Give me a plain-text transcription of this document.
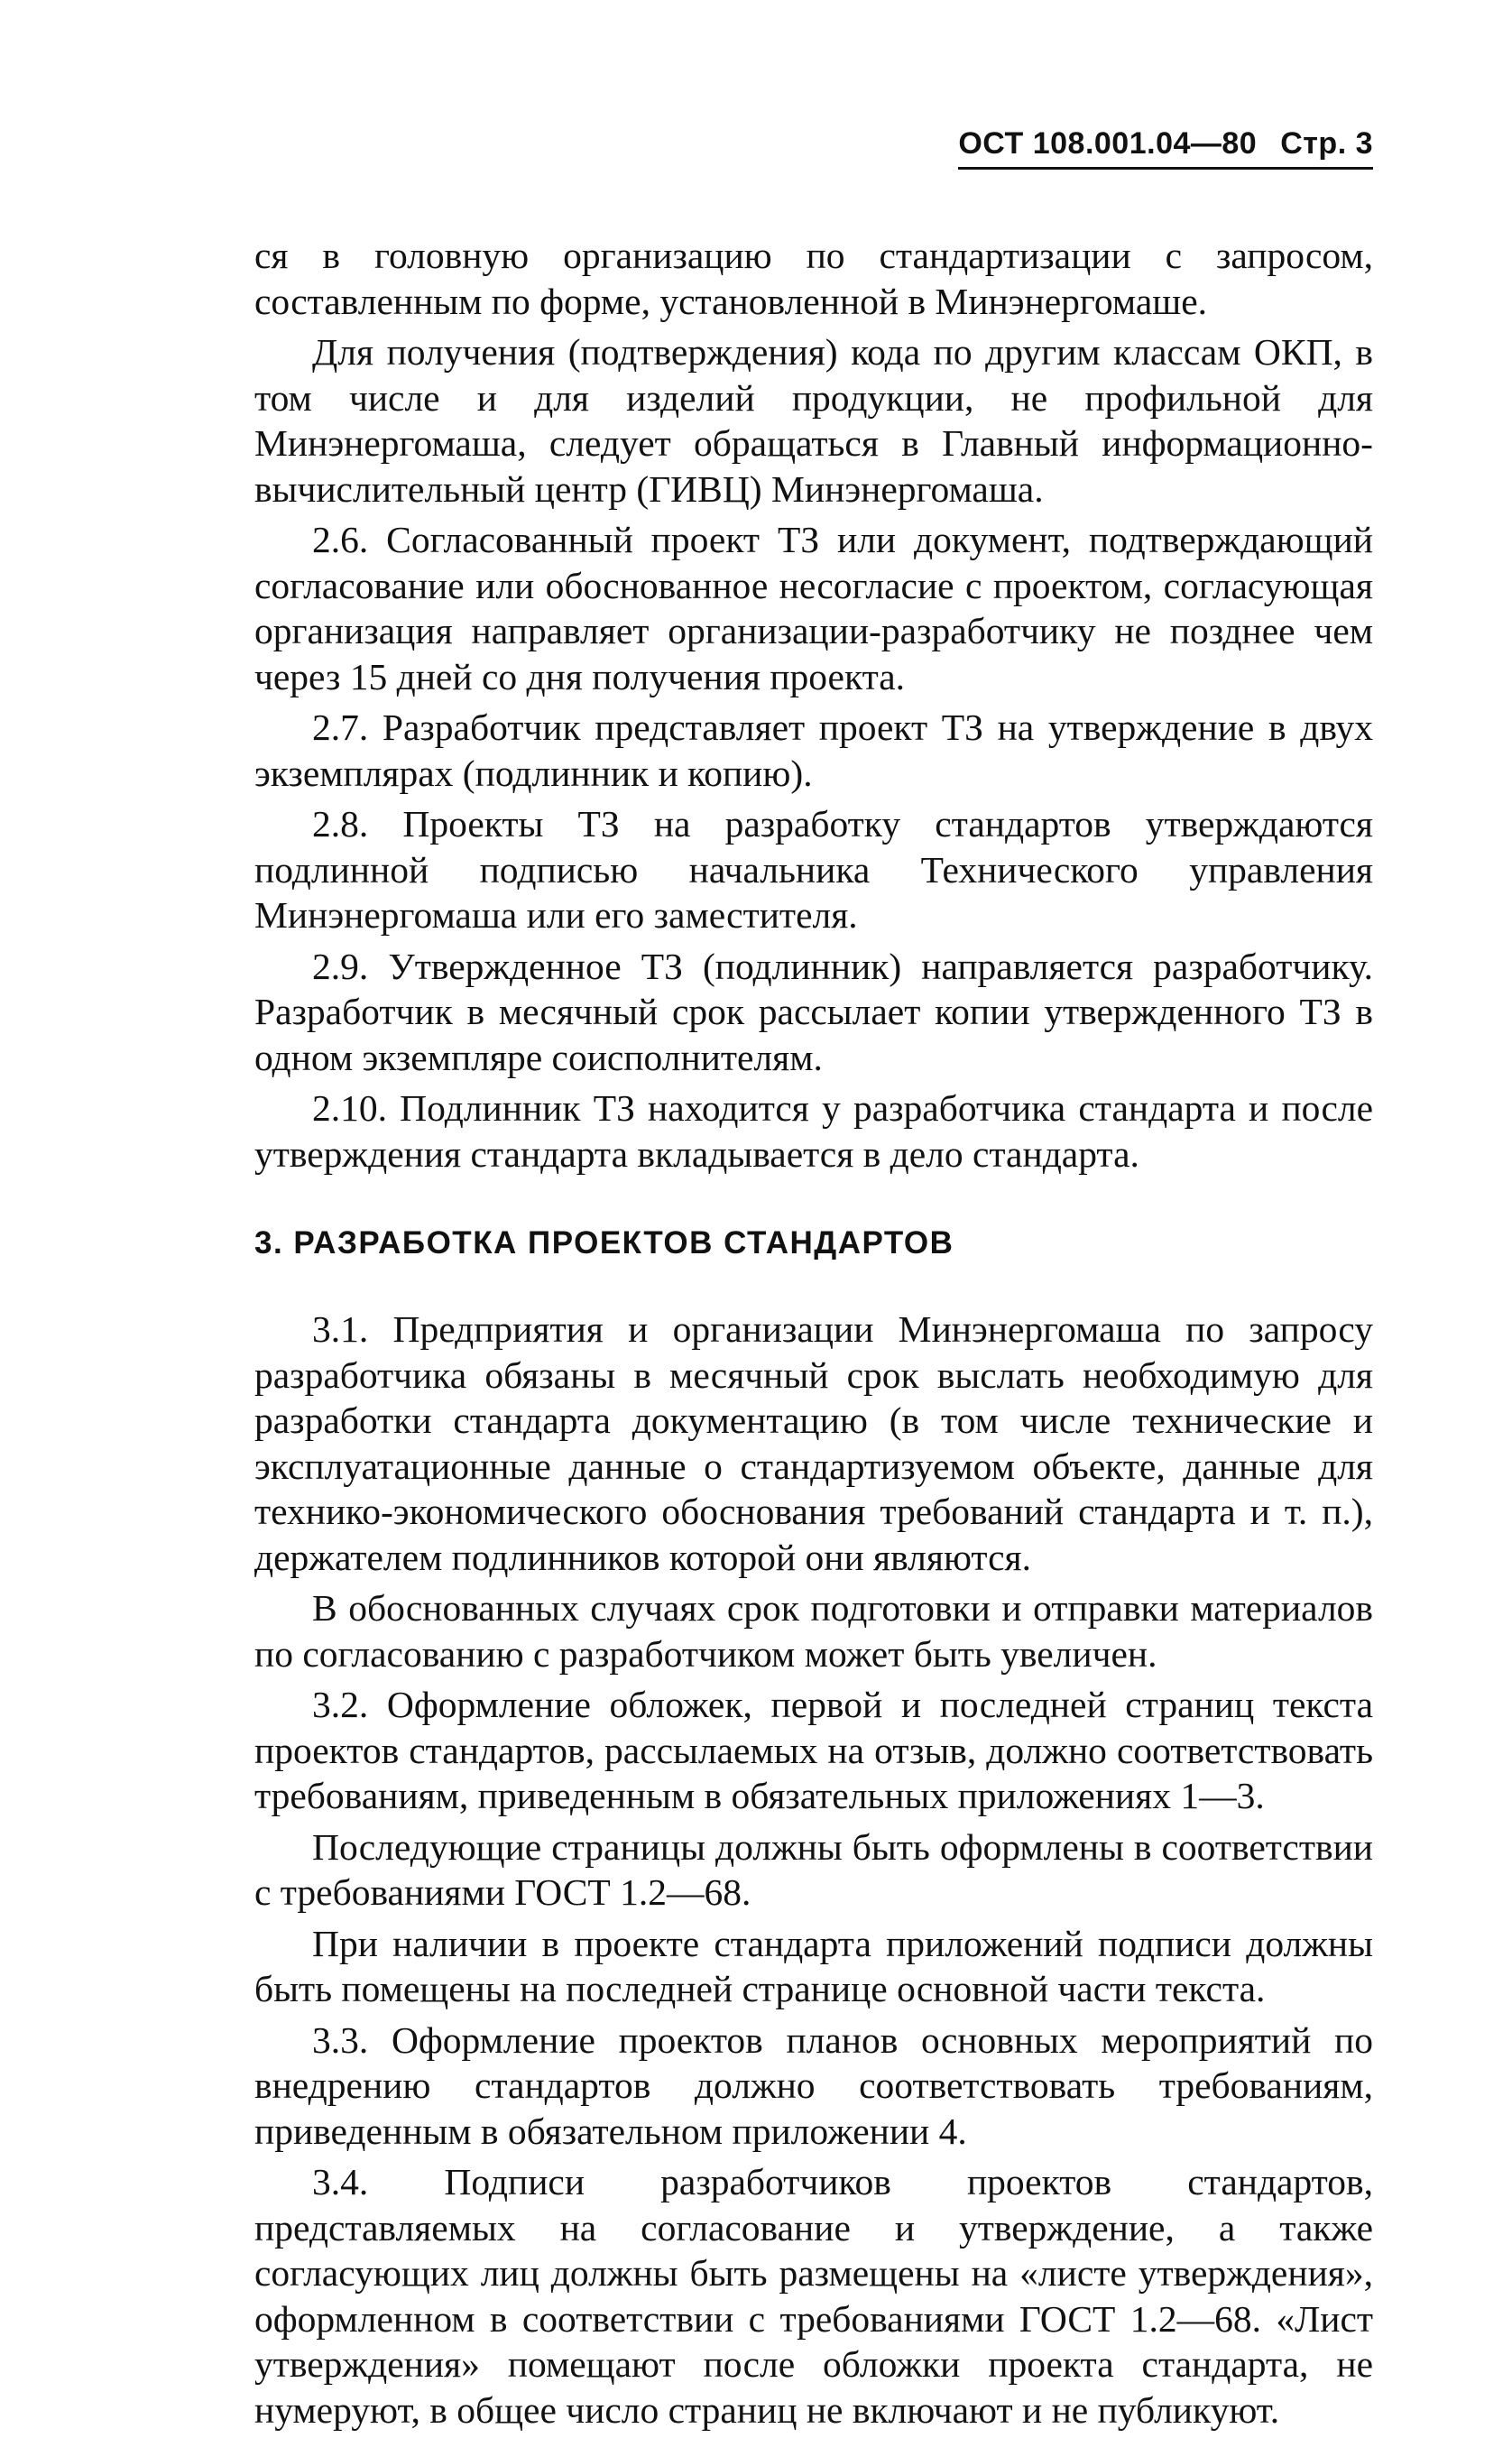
ОСТ 108.001.04—80 Стр. 3

ся в головную организацию по стандартизации с запросом, составленным по форме, установленной в Минэнергомаше.

Для получения (подтверждения) кода по другим классам ОКП, в том числе и для изделий продукции, не профильной для Минэнергомаша, следует обращаться в Главный информационно-вычислительный центр (ГИВЦ) Минэнергомаша.

2.6. Согласованный проект ТЗ или документ, подтверждающий согласование или обоснованное несогласие с проектом, согласующая организация направляет организации-разработчику не позднее чем через 15 дней со дня получения проекта.

2.7. Разработчик представляет проект ТЗ на утверждение в двух экземплярах (подлинник и копию).

2.8. Проекты ТЗ на разработку стандартов утверждаются подлинной подписью начальника Технического управления Минэнергомаша или его заместителя.

2.9. Утвержденное ТЗ (подлинник) направляется разработчику. Разработчик в месячный срок рассылает копии утвержденного ТЗ в одном экземпляре соисполнителям.

2.10. Подлинник ТЗ находится у разработчика стандарта и после утверждения стандарта вкладывается в дело стандарта.

3. РАЗРАБОТКА ПРОЕКТОВ СТАНДАРТОВ

3.1. Предприятия и организации Минэнергомаша по запросу разработчика обязаны в месячный срок выслать необходимую для разработки стандарта документацию (в том числе технические и эксплуатационные данные о стандартизуемом объекте, данные для технико-экономического обоснования требований стандарта и т. п.), держателем подлинников которой они являются.

В обоснованных случаях срок подготовки и отправки материалов по согласованию с разработчиком может быть увеличен.

3.2. Оформление обложек, первой и последней страниц текста проектов стандартов, рассылаемых на отзыв, должно соответствовать требованиям, приведенным в обязательных приложениях 1—3.

Последующие страницы должны быть оформлены в соответствии с требованиями ГОСТ 1.2—68.

При наличии в проекте стандарта приложений подписи должны быть помещены на последней странице основной части текста.

3.3. Оформление проектов планов основных мероприятий по внедрению стандартов должно соответствовать требованиям, приведенным в обязательном приложении 4.

3.4. Подписи разработчиков проектов стандартов, представляемых на согласование и утверждение, а также согласующих лиц должны быть размещены на «листе утверждения», оформленном в соответствии с требованиями ГОСТ 1.2—68. «Лист утверждения» помещают после обложки проекта стандарта, не нумеруют, в общее число страниц не включают и не публикуют.
